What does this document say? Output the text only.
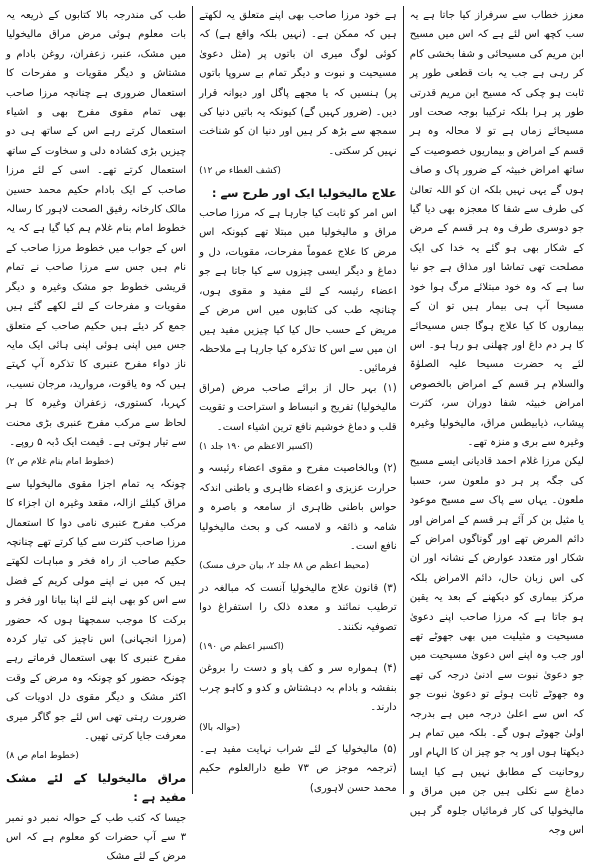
معزز خطاب سے سرفراز کیا جاتا ہے یہ سب کچھ اس لئے ہے کہ اس میں مسیح ابن مریم کی مسیحائی و شفا بخشی کام کر رہی ہے جب یہ بات قطعی طور پر ثابت ہو چکی کہ مسیح ابن مریم قدرتی طور پر ہرا بلکہ ترکیبا بوجہ صحت اور مسیحائے زماں ہے تو لا محالہ وہ ہر قسم کے امراض و بیماریوں خصوصیت کے ساتھ امراض خبیثہ کے ضرور پاک و صاف ہوں گے یہی نہیں بلکہ ان کو اللہ تعالیٰ کی طرف سے شفا کا معجزہ بھی دیا گیا جو دوسری طرف وہ ہر قسم کے مرض کے شکار بھی ہو گئے یہ خدا کی ایک مصلحت تھی تماشا اور مذاق ہے جو نیا سا ہے کہ وہ خود مبتلائے مرگ ہوا خود مسیحا آپ ہی بیمار ہیں تو ان کے بیماروں کا کیا علاج ہوگا جس مسیحائے کا ہر دم داغ اور چھلنی ہو رہا ہو۔ اس لئے یہ حضرت مسیحا علیہ الصلوٰۃ والسلام ہر قسم کے امراض بالخصوص امراض خبیثہ شفا دوران سر، کثرت پیشاب، ذیابیطس مراق، مالیخولیا وغیرہ وغیرہ سے بری و منزہ تھے۔

لیکن مرزا غلام احمد قادیانی ایسے مسیح کی جگہ پر ہر دو ملعون سر، حسبا ملعون۔ یہاں سے پاک سے مسیح موعود یا مثیل بن کر آئے ہر قسم کے امراض اور دائم المرض تھے اور گوناگوں امراض کے شکار اور متعدد عوارض کے نشانہ اور ان کی اس زبان حال، دائم الامراض بلکہ مرکز بیماری کو دیکھنے کے بعد یہ یقین ہو جاتا ہے کہ مرزا صاحب اپنے دعویٰ مسیحیت و مثیلیت میں بھی جھوٹے تھے اور جب وہ اپنے اس دعویٰ مسیحیت میں جو دعویٰ نبوت سے ادنیٰ درجہ کی تھے وہ جھوٹے ثابت ہوئے تو دعویٰ نبوت جو کہ اس سے اعلیٰ درجہ میں ہے بدرجہ اولیٰ جھوٹے ہوں گے۔ بلکہ میں تمام ہر دیکھتا ہوں اور یہ جو چیز ان کا الہام اور روحانیت کے مطابق نہیں ہے کیا ایسا دماغ سے نکلی ہیں جن میں مراق و مالیخولیا کی کار فرمائیاں جلوہ گر ہیں اس وجہ

ہے خود مرزا صاحب بھی اپنے متعلق یہ لکھتے ہیں کہ ممکن ہے۔ (نہیں بلکہ واقع ہے) کہ کوئی لوگ میری ان باتوں پر (مثل دعویٰ مسیحیت و نبوت و دیگر تمام بے سروپا باتوں پر) ہنسیں کہ یا مجھے پاگل اور دیوانہ قرار دیں۔ (ضرور کہیں گے) کیونکہ یہ باتیں دنیا کی سمجھ سے بڑھ کر ہیں اور دنیا ان کو شناخت نہیں کر سکتی۔

(کشف الغطاء ص ۱۲)
علاج مالیخولیا ایک اور طرح سے :

اس امر کو ثابت کیا جارہا ہے کہ مرزا صاحب مراق و مالیخولیا میں مبتلا تھے کیونکہ اس مرض کا علاج عموماً مفرحات، مقویات، دل و دماغ و دیگر ایسی چیزوں سے کیا جاتا ہے جو اعضاء رئیسہ کے لئے مفید و مقوی ہوں، چنانچہ طب کی کتابوں میں اس مرض کے مریض کے حسب حال کیا کیا چیزیں مفید ہیں ان میں سے اس کا تذکرہ کیا جارہا ہے ملاحظہ فرمائیں۔

(۱) بہر حال از برائے صاحب مرض (مراق مالیخولیا) تفریح و انبساط و استراحت و تقویت قلب و دماغ خوشیم نافع ترین اشیاء است۔

(اکسیر الاعظم ص ۱۹۰ جلد ۱)

(۲) وبالخاصیت مفرح و مقوی اعضاء رئیسہ و حرارت عزیزی و اعضاء ظاہری و باطنی اندکہ حواس باطنی ظاہری از سامعہ و باصرہ و شامہ و ذائقہ و لامسہ کی و بحث مالیخولیا نافع است۔

(محیط اعظم ص ۸۸ جلد ۲، بیان حرف مسک)

(۳) قانون علاج مالیخولیا آنست کہ مبالغہ در ترطیب نمائند و معدہ ذلک را استفراغ دوا تصوفیہ نکنند۔

(اکسیر اعظم ص ۱۹۰)

(۴) ہمواره سر و کف پاو و دست را بروغن بنفشہ و بادام بہ دہشتاش و کدو و کاہو چرب دارند۔

(حوالہ بالا)

(۵) مالیخولیا کے لئے شراب نہایت مفید ہے۔ (ترجمہ موجز ص ۷۳ طبع دارالعلوم حکیم محمد حسن لاہوری)

طب کی مندرجہ بالا کتابوں کے ذریعہ یہ بات معلوم ہوئی مرض مراق مالیخولیا میں مشک، عنبر، زعفران، روغن بادام و مشتاش و دیگر مقویات و مفرحات کا استعمال ضروری ہے چنانچہ مرزا صاحب بھی تمام مقوی مفرح بھی و اشیاء استعمال کرتے رہے اس کے ساتھ ہی دو چیزیں بڑی کشادہ دلی و سخاوت کے ساتھ استعمال کرتے تھے۔ اسی کے لئے مرزا صاحب کے ایک بادام حکیم محمد حسین مالک کارخانہ رفیق الصحت لاہور کا رسالہ خطوط امام بنام غلام ہم کیا گیا ہے کہ یہ اس کے جواب میں خطوط مرزا صاحب کے نام ہیں جس سے مرزا صاحب نے تمام قریشی خطوط جو مشک وغیرہ و دیگر مقویات و مفرحات کے لئے لکھے گئے ہیں جمع کر دیئے ہیں حکیم صاحب کے متعلق جس میں اپنی ہوئی اپنی ہائی ایک مایہ ناز دواء مفرح عنبری کا تذکرہ آپ کہتے ہیں کہ وہ یاقوت، مروارید، مرجان نسیب، کہربا، کستوری، زعفران وغیرہ کا ہر لحاظ سے مرکب مفرح عنبری بڑی محنت سے تیار ہوتی ہے۔ قیمت ایک ڈبہ ۵ روپے۔

(خطوط امام بنام غلام ص ۲)

چونکہ یہ تمام اجزا مقوی مالیخولیا سے مراق کیلئے ازالہ، مقعد وغیرہ ان اجزاء کا مرکب مفرح عنبری نامی دوا کا استعمال مرزا صاحب کثرت سے کیا کرتے تھے چنانچہ حکیم صاحب از راہ فخر و مباہات لکھتے ہیں کہ میں نے اپنے مولی کریم کے فضل سے اس کو بھی اپنے لئے اپنا بیانا اور فخر و برکت کا موجب سمجھتا ہوں کہ حضور (مرزا انجہانی) اس ناچیز کی تیار کردہ مفرح عنبری کا بھی استعمال فرماتے رہے چونکہ حضور کو چونکہ وہ مرض کے وقت اکثر مشک و دیگر مقوی دل ادویات کی ضرورت رہتی تھی اس لئے جو گاگر میری معرفت جایا کرتی تھیں۔

(خطوط امام ص ۸)
مراق مالیخولیا کے لئے مشک مفید ہے :

جیسا کہ کتب طب کے حوالہ نمبر دو نمبر ۳ سے آپ حضرات کو معلوم ہے کہ اس مرض کے لئے مشک
